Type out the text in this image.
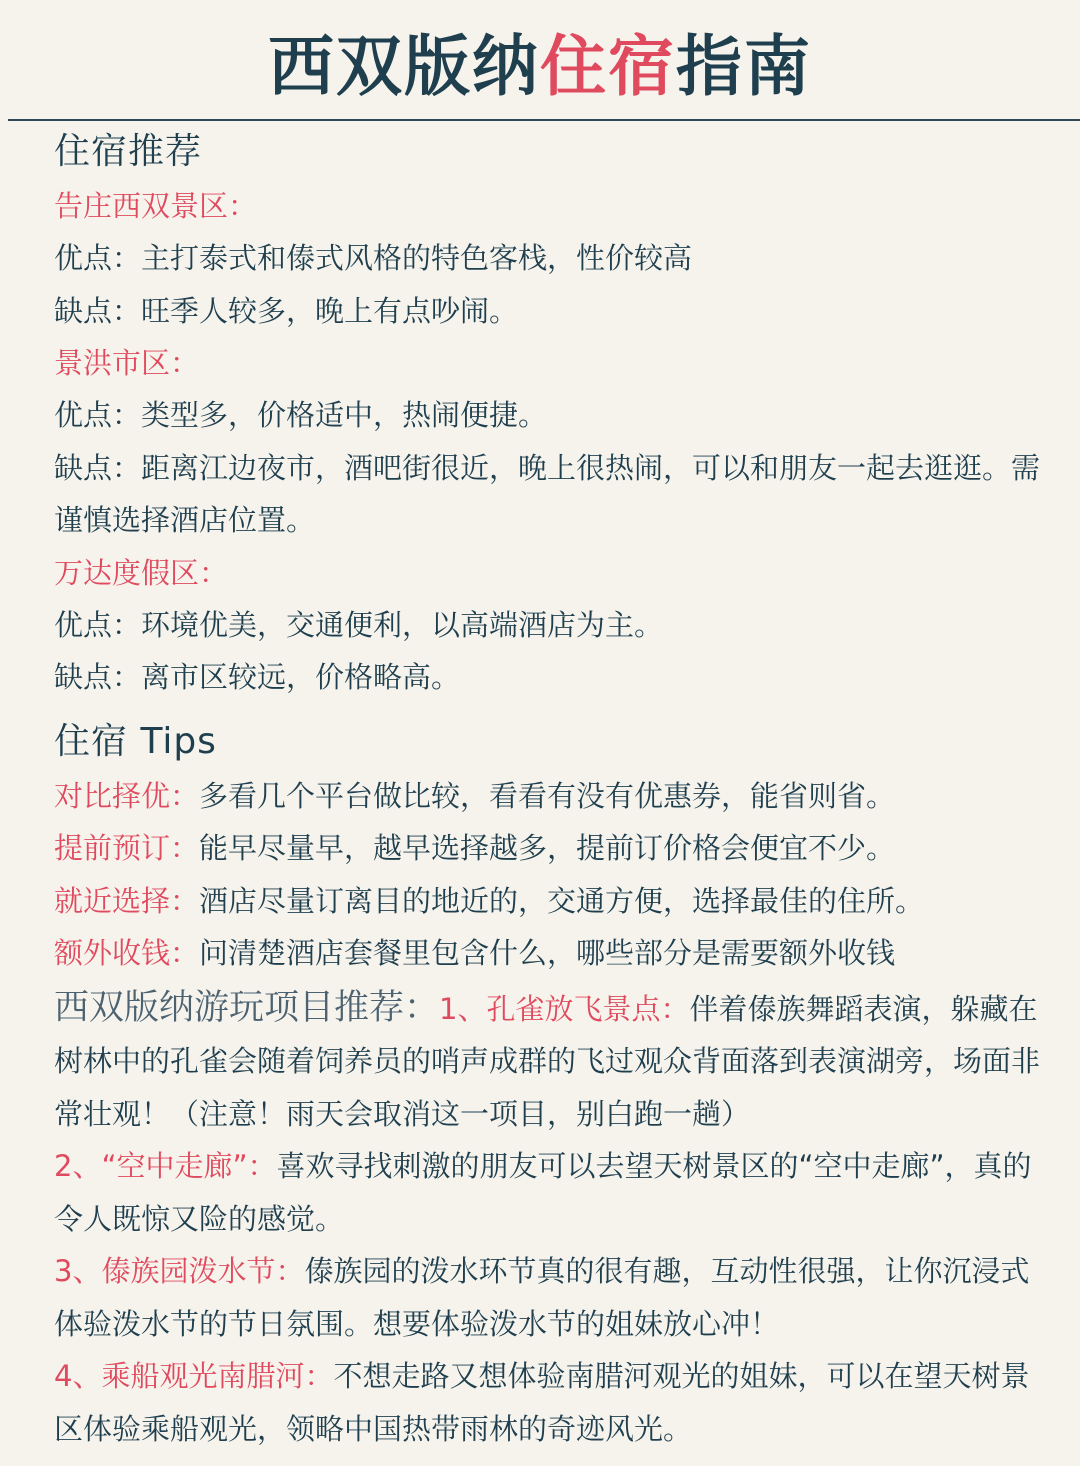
西双版纳住宿指南
住宿推荐
告庄西双景区：
优点：主打泰式和傣式风格的特色客栈，性价较高
缺点：旺季人较多，晚上有点吵闹。
景洪市区：
优点：类型多，价格适中，热闹便捷。
缺点：距离江边夜市，酒吧街很近，晚上很热闹，可以和朋友一起去逛逛。需谨慎选择酒店位置。
万达度假区：
优点：环境优美，交通便利，以高端酒店为主。
缺点：离市区较远，价格略高。
住宿 Tips
对比择优：多看几个平台做比较，看看有没有优惠券，能省则省。
提前预订：能早尽量早，越早选择越多，提前订价格会便宜不少。
就近选择：酒店尽量订离目的地近的，交通方便，选择最佳的住所。
额外收钱：问清楚酒店套餐里包含什么，哪些部分是需要额外收钱
西双版纳游玩项目推荐：1、孔雀放飞景点：伴着傣族舞蹈表演，躲藏在树林中的孔雀会随着饲养员的哨声成群的飞过观众背面落到表演湖旁，场面非常壮观！（注意！雨天会取消这一项目，别白跑一趟）
2、“空中走廊”：喜欢寻找刺激的朋友可以去望天树景区的“空中走廊”，真的令人既惊又险的感觉。
3、傣族园泼水节：傣族园的泼水环节真的很有趣，互动性很强，让你沉浸式体验泼水节的节日氛围。想要体验泼水节的姐妹放心冲！
4、乘船观光南腊河：不想走路又想体验南腊河观光的姐妹，可以在望天树景区体验乘船观光，领略中国热带雨林的奇迹风光。
